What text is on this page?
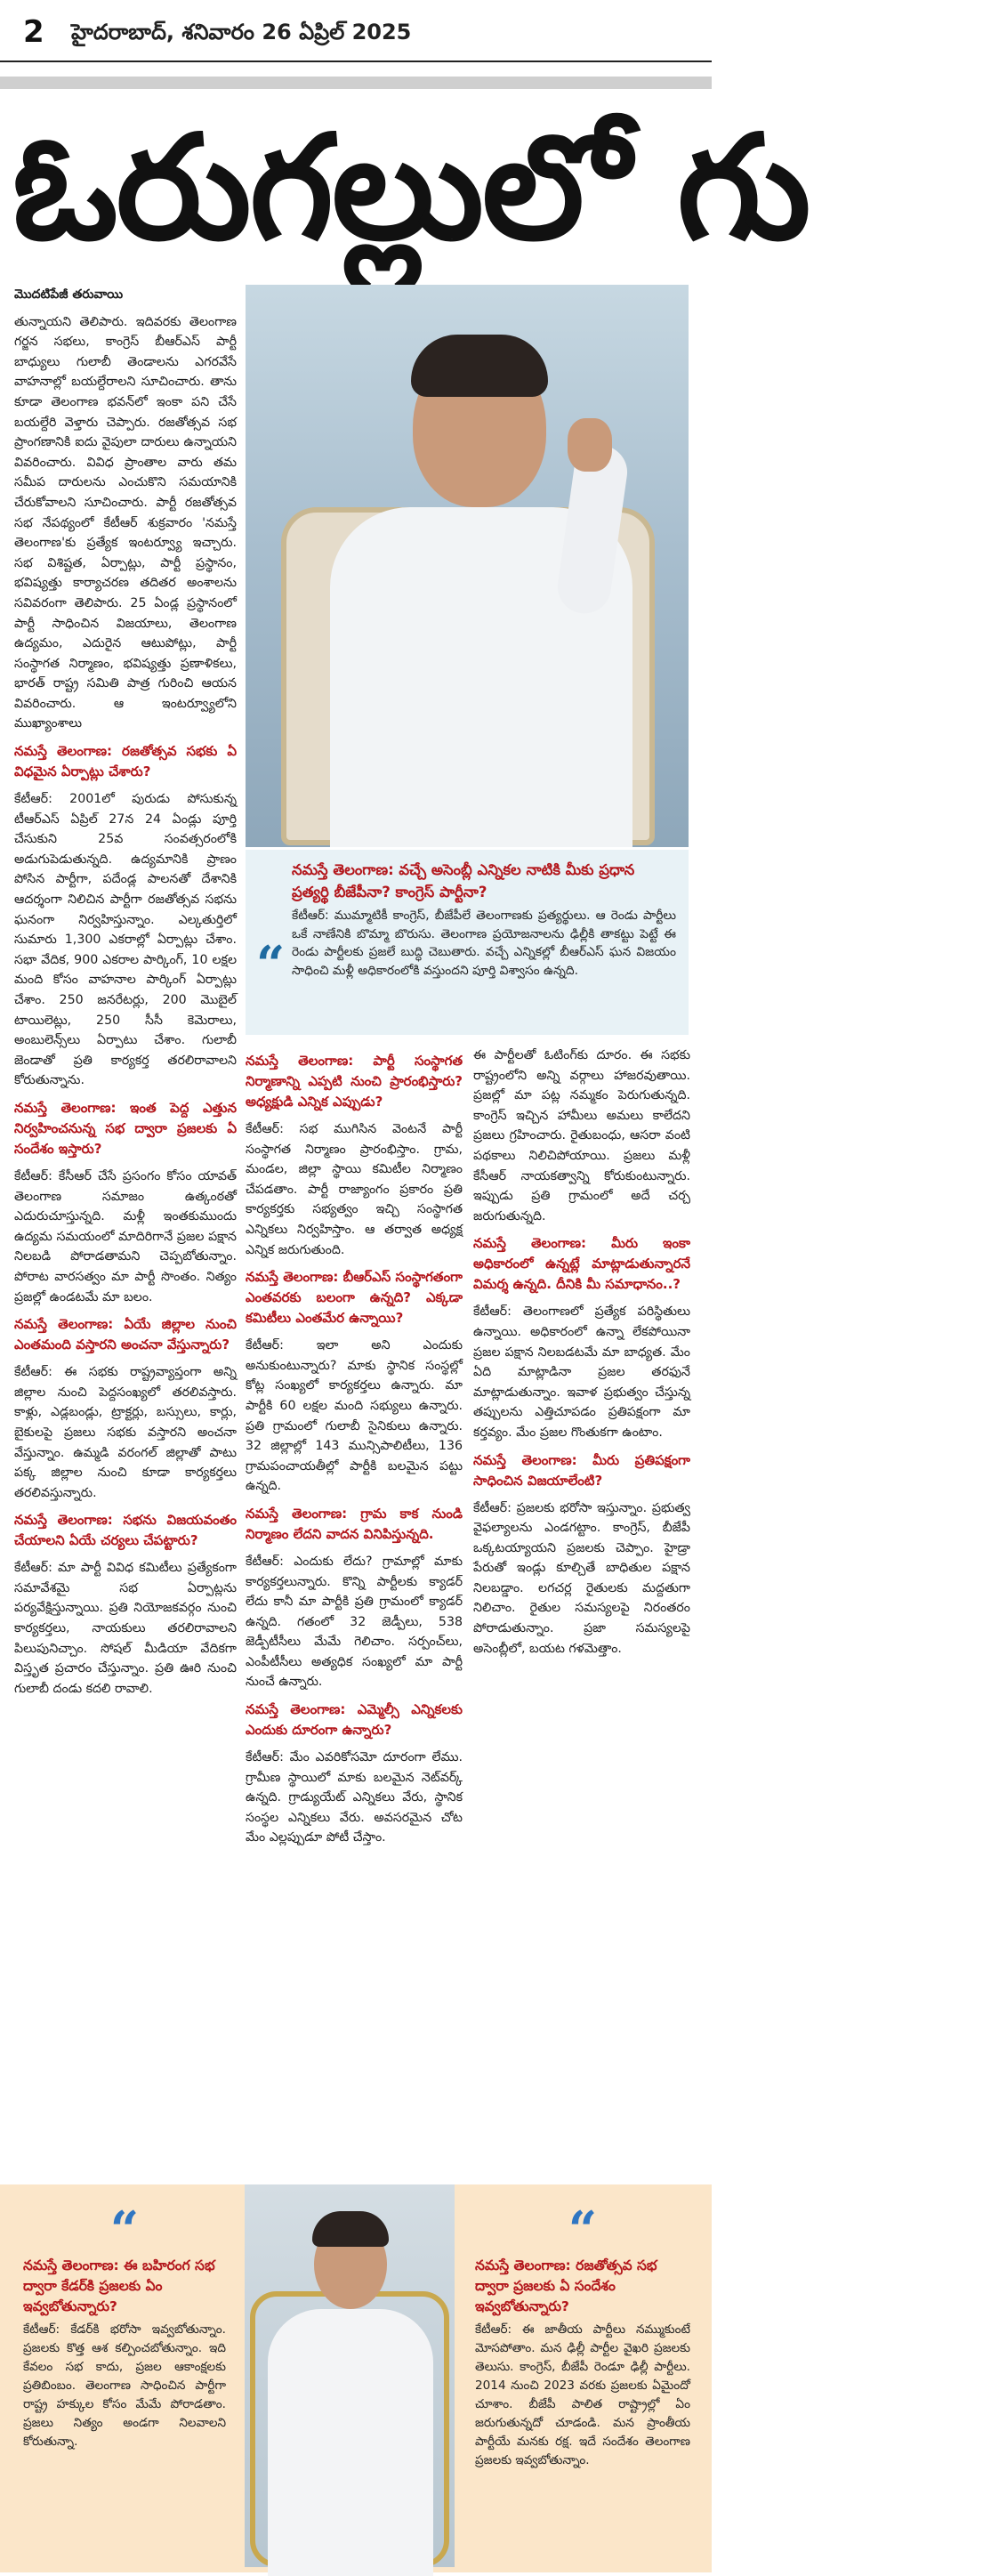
2 హైదరాబాద్, శనివారం 26 ఏప్రిల్ 2025
ఓరుగల్లులో గు

మొదటిపేజీ తరువాయి

తున్నాయని తెలిపారు. ఇదివరకు తెలంగాణ గర్జన సభలు, కాంగ్రెస్ బీఆర్‌ఎస్ పార్టీ బాధ్యులు గులాబీ తెండాలను ఎగరవేసే వాహనాల్లో బయల్దేరాలని సూచించారు. తాను కూడా తెలంగాణ భవన్‌లో ఇంకా పని చేసే బయల్దేరి వెళ్తారు చెప్పారు. రజతోత్సవ సభ ప్రాంగణానికి ఐదు వైపులా దారులు ఉన్నాయని వివరించారు. వివిధ ప్రాంతాల వారు తమ సమీప దారులను ఎంచుకొని సమయానికి చేరుకోవాలని సూచించారు. పార్టీ రజతోత్సవ సభ నేపథ్యంలో కేటీఆర్ శుక్రవారం 'నమస్తే తెలంగాణ'కు ప్రత్యేక ఇంటర్వ్యూ ఇచ్చారు. సభ విశిష్టత, ఏర్పాట్లు, పార్టీ ప్రస్థానం, భవిష్యత్తు కార్యాచరణ తదితర అంశాలను సవివరంగా తెలిపారు. 25 ఏండ్ల ప్రస్థానంలో పార్టీ సాధించిన విజయాలు, తెలంగాణ ఉద్యమం, ఎదురైన ఆటుపోట్లు, పార్టీ సంస్థాగత నిర్మాణం, భవిష్యత్తు ప్రణాళికలు, భారత్ రాష్ట్ర సమితి పాత్ర గురించి ఆయన వివరించారు. ఆ ఇంటర్వ్యూలోని ముఖ్యాంశాలు

నమస్తే తెలంగాణ: రజతోత్సవ సభకు ఏ విధమైన ఏర్పాట్లు చేశారు?

కేటీఆర్: 2001లో పురుడు పోసుకున్న టీఆర్‌ఎస్ ఏప్రిల్ 27న 24 ఏండ్లు పూర్తి చేసుకుని 25వ సంవత్సరంలోకి అడుగుపెడుతున్నది. ఉద్యమానికి ప్రాణం పోసిన పార్టీగా, పదేండ్ల పాలనతో దేశానికి ఆదర్శంగా నిలిచిన పార్టీగా రజతోత్సవ సభను ఘనంగా నిర్వహిస్తున్నాం. ఎల్కతుర్తిలో సుమారు 1,300 ఎకరాల్లో ఏర్పాట్లు చేశాం. సభా వేదిక, 900 ఎకరాల పార్కింగ్, 10 లక్షల మంది కోసం వాహనాల పార్కింగ్ ఏర్పాట్లు చేశాం. 250 జనరేటర్లు, 200 మొబైల్ టాయిలెట్లు, 250 సీసీ కెమెరాలు, అంబులెన్స్‌లు ఏర్పాటు చేశాం. గులాబీ జెండాతో ప్రతి కార్యకర్త తరలిరావాలని కోరుతున్నాను.

నమస్తే తెలంగాణ: ఇంత పెద్ద ఎత్తున నిర్వహించనున్న సభ ద్వారా ప్రజలకు ఏ సందేశం ఇస్తారు?

కేటీఆర్: కేసీఆర్ చేసే ప్రసంగం కోసం యావత్ తెలంగాణ సమాజం ఉత్కంఠతో ఎదురుచూస్తున్నది. మళ్లీ ఇంతకుముందు ఉద్యమ సమయంలో మాదిరిగానే ప్రజల పక్షాన నిలబడి పోరాడతామని చెప్పబోతున్నాం. పోరాట వారసత్వం మా పార్టీ సొంతం. నిత్యం ప్రజల్లో ఉండటమే మా బలం.

నమస్తే తెలంగాణ: ఏయే జిల్లాల నుంచి ఎంతమంది వస్తారని అంచనా వేస్తున్నారు?

కేటీఆర్: ఈ సభకు రాష్ట్రవ్యాప్తంగా అన్ని జిల్లాల నుంచి పెద్దసంఖ్యలో తరలివస్తారు. కాళ్లు, ఎడ్లబండ్లు, ట్రాక్టర్లు, బస్సులు, కార్లు, బైకులపై ప్రజలు సభకు వస్తారని అంచనా వేస్తున్నాం. ఉమ్మడి వరంగల్ జిల్లాతో పాటు పక్క జిల్లాల నుంచి కూడా కార్యకర్తలు తరలివస్తున్నారు.

నమస్తే తెలంగాణ: సభను విజయవంతం చేయాలని ఏయే చర్యలు చేపట్టారు?

కేటీఆర్: మా పార్టీ వివిధ కమిటీలు ప్రత్యేకంగా సమావేశమై సభ ఏర్పాట్లను పర్యవేక్షిస్తున్నాయి. ప్రతి నియోజకవర్గం నుంచి కార్యకర్తలు, నాయకులు తరలిరావాలని పిలుపునిచ్చాం. సోషల్ మీడియా వేదికగా విస్తృత ప్రచారం చేస్తున్నాం. ప్రతి ఊరి నుంచి గులాబీ దండు కదలి రావాలి.

“

నమస్తే తెలంగాణ: వచ్చే అసెంబ్లీ ఎన్నికల నాటికి మీకు ప్రధాన ప్రత్యర్థి బీజేపీనా? కాంగ్రెస్ పార్టీనా?

కేటీఆర్: ముమ్మాటికీ కాంగ్రెస్, బీజేపీలే తెలంగాణకు ప్రత్యర్థులు. ఆ రెండు పార్టీలు ఒకే నాణేనికి బొమ్మా బొరుసు. తెలంగాణ ప్రయోజనాలను ఢిల్లీకి తాకట్టు పెట్టే ఈ రెండు పార్టీలకు ప్రజలే బుద్ధి చెబుతారు. వచ్చే ఎన్నికల్లో బీఆర్‌ఎస్ ఘన విజయం సాధించి మళ్లీ అధికారంలోకి వస్తుందని పూర్తి విశ్వాసం ఉన్నది.

నమస్తే తెలంగాణ: పార్టీ సంస్థాగత నిర్మాణాన్ని ఎప్పటి నుంచి ప్రారంభిస్తారు? అధ్యక్షుడి ఎన్నిక ఎప్పుడు?

కేటీఆర్: సభ ముగిసిన వెంటనే పార్టీ సంస్థాగత నిర్మాణం ప్రారంభిస్తాం. గ్రామ, మండల, జిల్లా స్థాయి కమిటీల నిర్మాణం చేపడతాం. పార్టీ రాజ్యాంగం ప్రకారం ప్రతి కార్యకర్తకు సభ్యత్వం ఇచ్చి సంస్థాగత ఎన్నికలు నిర్వహిస్తాం. ఆ తర్వాత అధ్యక్ష ఎన్నిక జరుగుతుంది.

నమస్తే తెలంగాణ: బీఆర్‌ఎస్ సంస్థాగతంగా ఎంతవరకు బలంగా ఉన్నది? ఎక్కడా కమిటీలు ఎంతమేర ఉన్నాయి?

కేటీఆర్: ఇలా అని ఎందుకు అనుకుంటున్నారు? మాకు స్థానిక సంస్థల్లో కోట్ల సంఖ్యలో కార్యకర్తలు ఉన్నారు. మా పార్టీకి 60 లక్షల మంది సభ్యులు ఉన్నారు. ప్రతి గ్రామంలో గులాబీ సైనికులు ఉన్నారు. 32 జిల్లాల్లో 143 మున్సిపాలిటీలు, 136 గ్రామపంచాయతీల్లో పార్టీకి బలమైన పట్టు ఉన్నది.

నమస్తే తెలంగాణ: గ్రామ కాక నుండి నిర్మాణం లేదని వాదన వినిపిస్తున్నది.

కేటీఆర్: ఎందుకు లేదు? గ్రామాల్లో మాకు కార్యకర్తలున్నారు. కొన్ని పార్టీలకు క్యాడర్ లేదు కానీ మా పార్టీకి ప్రతి గ్రామంలో క్యాడర్ ఉన్నది. గతంలో 32 జెడ్పీలు, 538 జెడ్పీటీసీలు మేమే గెలిచాం. సర్పంచ్‌లు, ఎంపీటీసీలు అత్యధిక సంఖ్యలో మా పార్టీ నుంచే ఉన్నారు.

నమస్తే తెలంగాణ: ఎమ్మెల్సీ ఎన్నికలకు ఎందుకు దూరంగా ఉన్నారు?

కేటీఆర్: మేం ఎవరికోసమో దూరంగా లేము. గ్రామీణ స్థాయిలో మాకు బలమైన నెట్‌వర్క్ ఉన్నది. గ్రాడ్యుయేట్ ఎన్నికలు వేరు, స్థానిక సంస్థల ఎన్నికలు వేరు. అవసరమైన చోట మేం ఎల్లప్పుడూ పోటీ చేస్తాం.

ఈ పార్టీలతో ఓటింగ్‌కు దూరం. ఈ సభకు రాష్ట్రంలోని అన్ని వర్గాలు హాజరవుతాయి. ప్రజల్లో మా పట్ల నమ్మకం పెరుగుతున్నది. కాంగ్రెస్ ఇచ్చిన హామీలు అమలు కాలేదని ప్రజలు గ్రహించారు. రైతుబంధు, ఆసరా వంటి పథకాలు నిలిచిపోయాయి. ప్రజలు మళ్లీ కేసీఆర్ నాయకత్వాన్ని కోరుకుంటున్నారు. ఇప్పుడు ప్రతి గ్రామంలో అదే చర్చ జరుగుతున్నది.

నమస్తే తెలంగాణ: మీరు ఇంకా అధికారంలో ఉన్నట్లే మాట్లాడుతున్నారనే విమర్శ ఉన్నది. దీనికి మీ సమాధానం..?

కేటీఆర్: తెలంగాణలో ప్రత్యేక పరిస్థితులు ఉన్నాయి. అధికారంలో ఉన్నా లేకపోయినా ప్రజల పక్షాన నిలబడటమే మా బాధ్యత. మేం ఏది మాట్లాడినా ప్రజల తరఫునే మాట్లాడుతున్నాం. ఇవాళ ప్రభుత్వం చేస్తున్న తప్పులను ఎత్తిచూపడం ప్రతిపక్షంగా మా కర్తవ్యం. మేం ప్రజల గొంతుకగా ఉంటాం.

నమస్తే తెలంగాణ: మీరు ప్రతిపక్షంగా సాధించిన విజయాలేంటి?

కేటీఆర్: ప్రజలకు భరోసా ఇస్తున్నాం. ప్రభుత్వ వైఫల్యాలను ఎండగట్టాం. కాంగ్రెస్, బీజేపీ ఒక్కటయ్యాయని ప్రజలకు చెప్పాం. హైడ్రా పేరుతో ఇండ్లు కూల్చితే బాధితుల పక్షాన నిలబడ్డాం. లగచర్ల రైతులకు మద్దతుగా నిలిచాం. రైతుల సమస్యలపై నిరంతరం పోరాడుతున్నాం. ప్రజా సమస్యలపై అసెంబ్లీలో, బయట గళమెత్తాం.

“

నమస్తే తెలంగాణ: ఈ బహిరంగ సభ ద్వారా కేడర్‌కి ప్రజలకు ఏం ఇవ్వబోతున్నారు?

కేటీఆర్: కేడర్‌కి భరోసా ఇవ్వబోతున్నాం. ప్రజలకు కొత్త ఆశ కల్పించబోతున్నాం. ఇది కేవలం సభ కాదు, ప్రజల ఆకాంక్షలకు ప్రతిబింబం. తెలంగాణ సాధించిన పార్టీగా రాష్ట్ర హక్కుల కోసం మేమే పోరాడతాం. ప్రజలు నిత్యం అండగా నిలవాలని కోరుతున్నా.

“

నమస్తే తెలంగాణ: రజతోత్సవ సభ ద్వారా ప్రజలకు ఏ సందేశం ఇవ్వబోతున్నారు?

కేటీఆర్: ఈ జాతీయ పార్టీలు నమ్ముకుంటే మోసపోతాం. మన ఢిల్లీ పార్టీల వైఖరి ప్రజలకు తెలుసు. కాంగ్రెస్, బీజేపీ రెండూ ఢిల్లీ పార్టీలు. 2014 నుంచి 2023 వరకు ప్రజలకు ఏమైందో చూశాం. బీజేపీ పాలిత రాష్ట్రాల్లో ఏం జరుగుతున్నదో చూడండి. మన ప్రాంతీయ పార్టీయే మనకు రక్ష. ఇదే సందేశం తెలంగాణ ప్రజలకు ఇవ్వబోతున్నాం.
